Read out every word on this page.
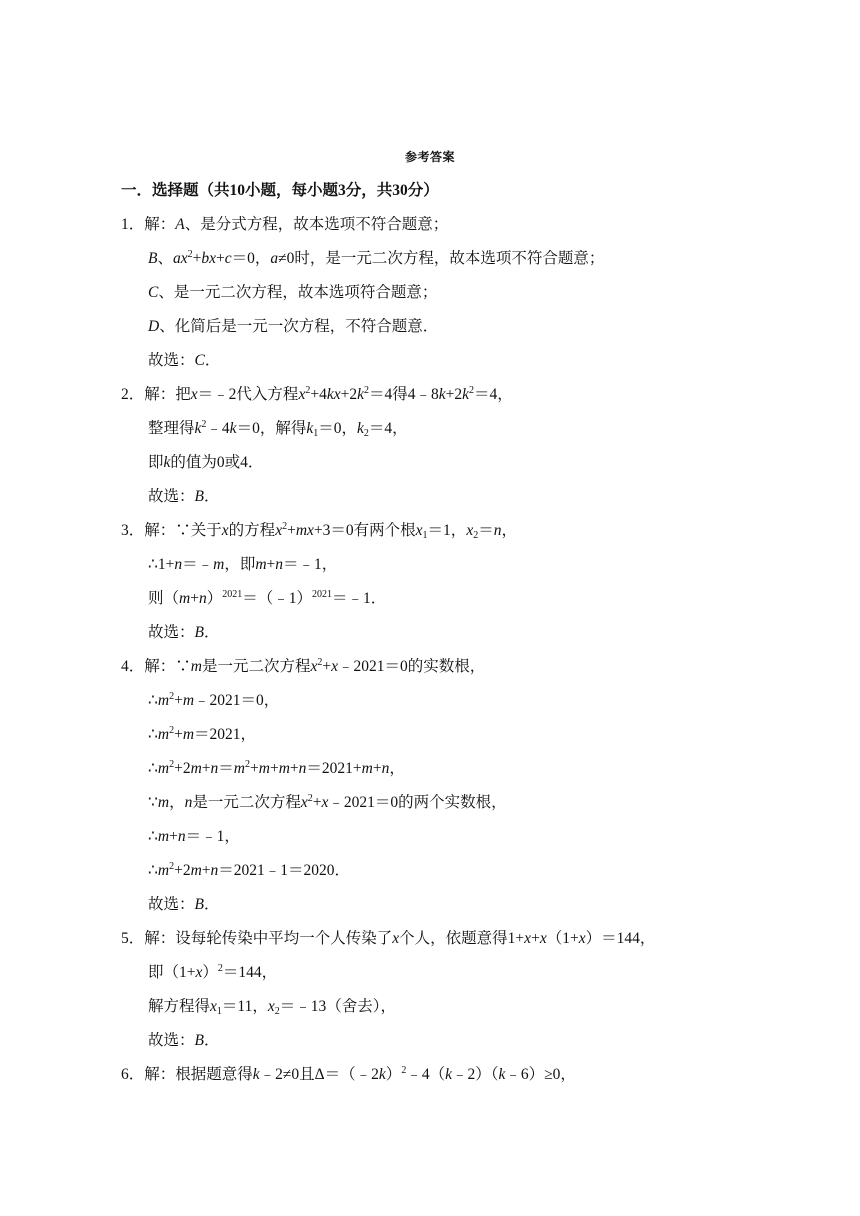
参考答案
一．选择题（共10小题，每小题3分，共30分）
1．解：A、是分式方程，故本选项不符合题意；
B、$ax^2+bx+c=0$，a≠0时，是一元二次方程，故本选项不符合题意；
C、是一元二次方程，故本选项符合题意；
D、化简后是一元一次方程，不符合题意．
故选：C．
2．解：把x＝﹣2代入方程$x^2+4kx+2k^2=4$得$4﹣8k+2k^2=4$，
整理得$k^2﹣4k=0$，解得$k_1=0$，$k_2=4$，
即k的值为0或4．
故选：B．
3．解：∵关于x的方程$x^2+mx+3=0$有两个根$x_1=1$，$x_2=n$，
∴1+n＝﹣m，即m+n＝﹣1，
则$(m+n)^{2021}=(﹣1)^{2021}=﹣1$．
故选：B．
4．解：∵m是一元二次方程$x^2+x﹣2021=0$的实数根，
$\therefore m^2+m﹣2021=0$，
$\therefore m^2+m=2021$，
$\therefore m^2+2m+n=m^2+m+m+n=2021+m+n$，
∵m，n是一元二次方程$x^2+x﹣2021=0$的两个实数根，
∴m+n＝﹣1，
$\therefore m^2+2m+n=2021﹣1=2020$．
故选：B．
5．解：设每轮传染中平均一个人传染了x个人，依题意得1+x+x（1+x）＝144，
即$(1+x)^2=144$，
解方程得$x_1=11$，$x_2=﹣13$（舍去），
故选：B．
6．解：根据题意得k﹣2≠0且Δ＝（﹣2k）$^2$﹣4（k﹣2）（k﹣6）≥0，
